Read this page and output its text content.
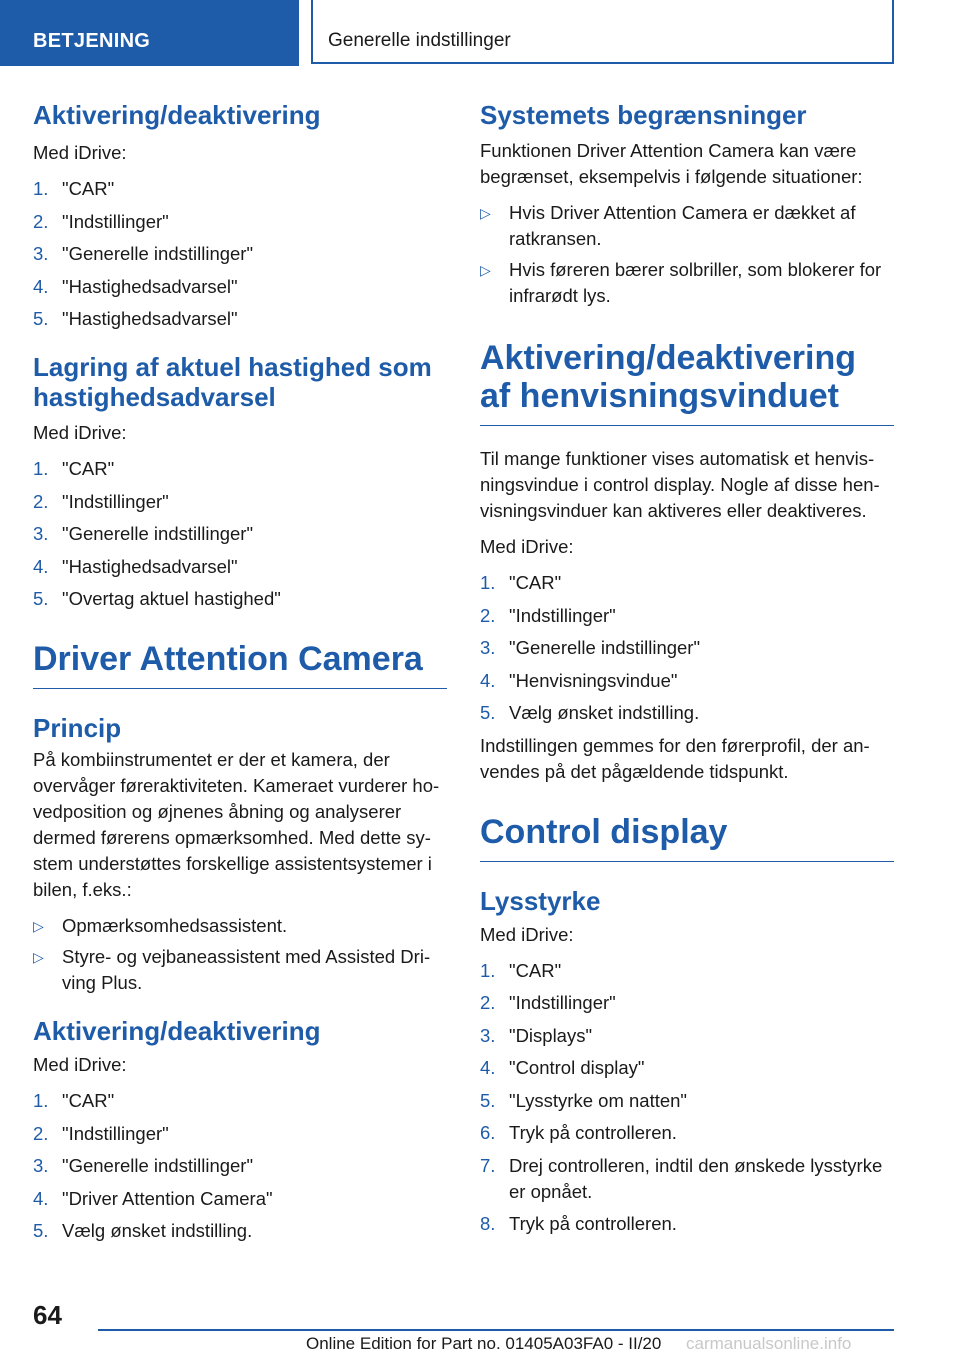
BETJENING	Generelle indstillinger
Aktivering/deaktivering

Med iDrive:

1. "CAR"
2. "Indstillinger"
3. "Generelle indstillinger"
4. "Hastighedsadvarsel"
5. "Hastighedsadvarsel"
Lagring af aktuel hastighed som hastighedsadvarsel

Med iDrive:

1. "CAR"
2. "Indstillinger"
3. "Generelle indstillinger"
4. "Hastighedsadvarsel"
5. "Overtag aktuel hastighed"
Driver Attention Camera
Princip

På kombiinstrumentet er der et kamera, der overvåger føreraktiviteten. Kameraet vurderer hovedposition og øjnenes åbning og analyserer dermed førerens opmærksomhed. Med dette system understøttes forskellige assistentsystemer i bilen, f.eks.:

▷ Opmærksomhedsassistent.
▷ Styre- og vejbaneassistent med Assisted Driving Plus.
Aktivering/deaktivering

Med iDrive:

1. "CAR"
2. "Indstillinger"
3. "Generelle indstillinger"
4. "Driver Attention Camera"
5. Vælg ønsket indstilling.
Systemets begrænsninger

Funktionen Driver Attention Camera kan være begrænset, eksempelvis i følgende situationer:

▷ Hvis Driver Attention Camera er dækket af ratkransen.
▷ Hvis føreren bærer solbriller, som blokerer for infrarødt lys.
Aktivering/deaktivering af henvisningsvinduet

Til mange funktioner vises automatisk et henvisningsvindue i control display. Nogle af disse henvisningsvinduer kan aktiveres eller deaktiveres.

Med iDrive:

1. "CAR"
2. "Indstillinger"
3. "Generelle indstillinger"
4. "Henvisningsvindue"
5. Vælg ønsket indstilling.

Indstillingen gemmes for den førerprofil, der anvendes på det pågældende tidspunkt.

Control display
Lysstyrke

Med iDrive:

1. "CAR"
2. "Indstillinger"
3. "Displays"
4. "Control display"
5. "Lysstyrke om natten"
6. Tryk på controlleren.
7. Drej controlleren, indtil den ønskede lysstyrke er opnået.
8. Tryk på controlleren.
64
Online Edition for Part no. 01405A03FA0 - II/20 carmanualsonline.info
